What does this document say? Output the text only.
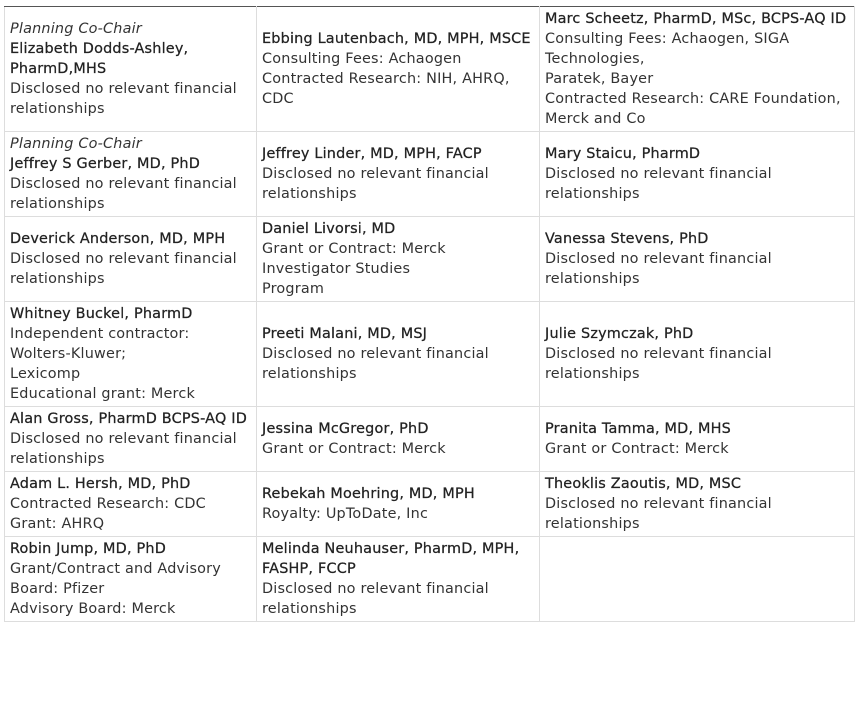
Planning Co-Chair
Elizabeth Dodds-Ashley, PharmD,MHS
Disclosed no relevant financial relationships	Ebbing Lautenbach, MD, MPH, MSCE
Consulting Fees: Achaogen
Contracted Research: NIH, AHRQ, CDC	Marc Scheetz, PharmD, MSc, BCPS-AQ ID
Consulting Fees: Achaogen, SIGA Technologies,
Paratek, Bayer
Contracted Research: CARE Foundation, Merck and Co

Planning Co-Chair
Jeffrey S Gerber, MD, PhD
Disclosed no relevant financial relationships	Jeffrey Linder, MD, MPH, FACP
Disclosed no relevant financial relationships	Mary Staicu, PharmD
Disclosed no relevant financial relationships

Deverick Anderson, MD, MPH
Disclosed no relevant financial relationships	Daniel Livorsi, MD
Grant or Contract: Merck Investigator Studies
Program	Vanessa Stevens, PhD
Disclosed no relevant financial relationships

Whitney Buckel, PharmD
Independent contractor: Wolters-Kluwer;
Lexicomp
Educational grant: Merck	Preeti Malani, MD, MSJ
Disclosed no relevant financial relationships	Julie Szymczak, PhD
Disclosed no relevant financial relationships

Alan Gross, PharmD BCPS-AQ ID
Disclosed no relevant financial relationships	Jessina McGregor, PhD
Grant or Contract: Merck	Pranita Tamma, MD, MHS
Grant or Contract: Merck

Adam L. Hersh, MD, PhD
Contracted Research: CDC
Grant: AHRQ	Rebekah Moehring, MD, MPH
Royalty: UpToDate, Inc	Theoklis Zaoutis, MD, MSC
Disclosed no relevant financial relationships

Robin Jump, MD, PhD
Grant/Contract and Advisory Board: Pfizer
Advisory Board: Merck	Melinda Neuhauser, PharmD, MPH, FASHP, FCCP
Disclosed no relevant financial relationships	
